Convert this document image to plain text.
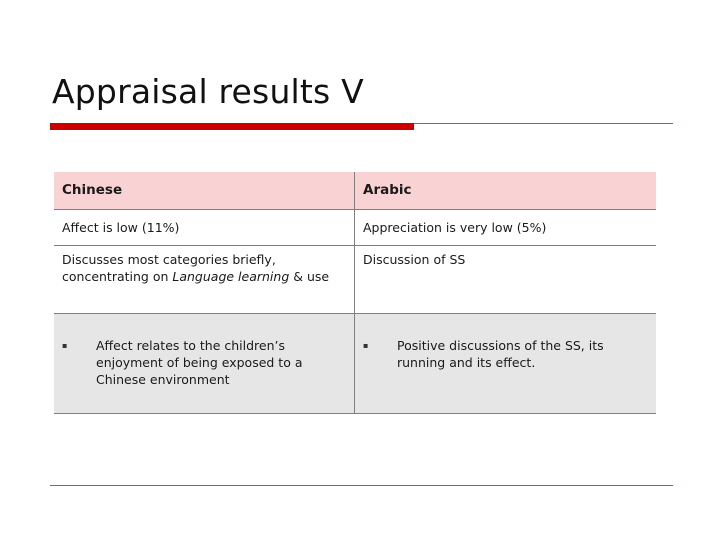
Appraisal results V
Chinese	Arabic
Affect is low (11%)	Appreciation is very low (5%)
Discusses most categories briefly, concentrating on Language learning & use	Discussion of SS

▪ Affect relates to the children’s enjoyment of being exposed to a Chinese environment	▪ Positive discussions of the SS, its running and its effect.
